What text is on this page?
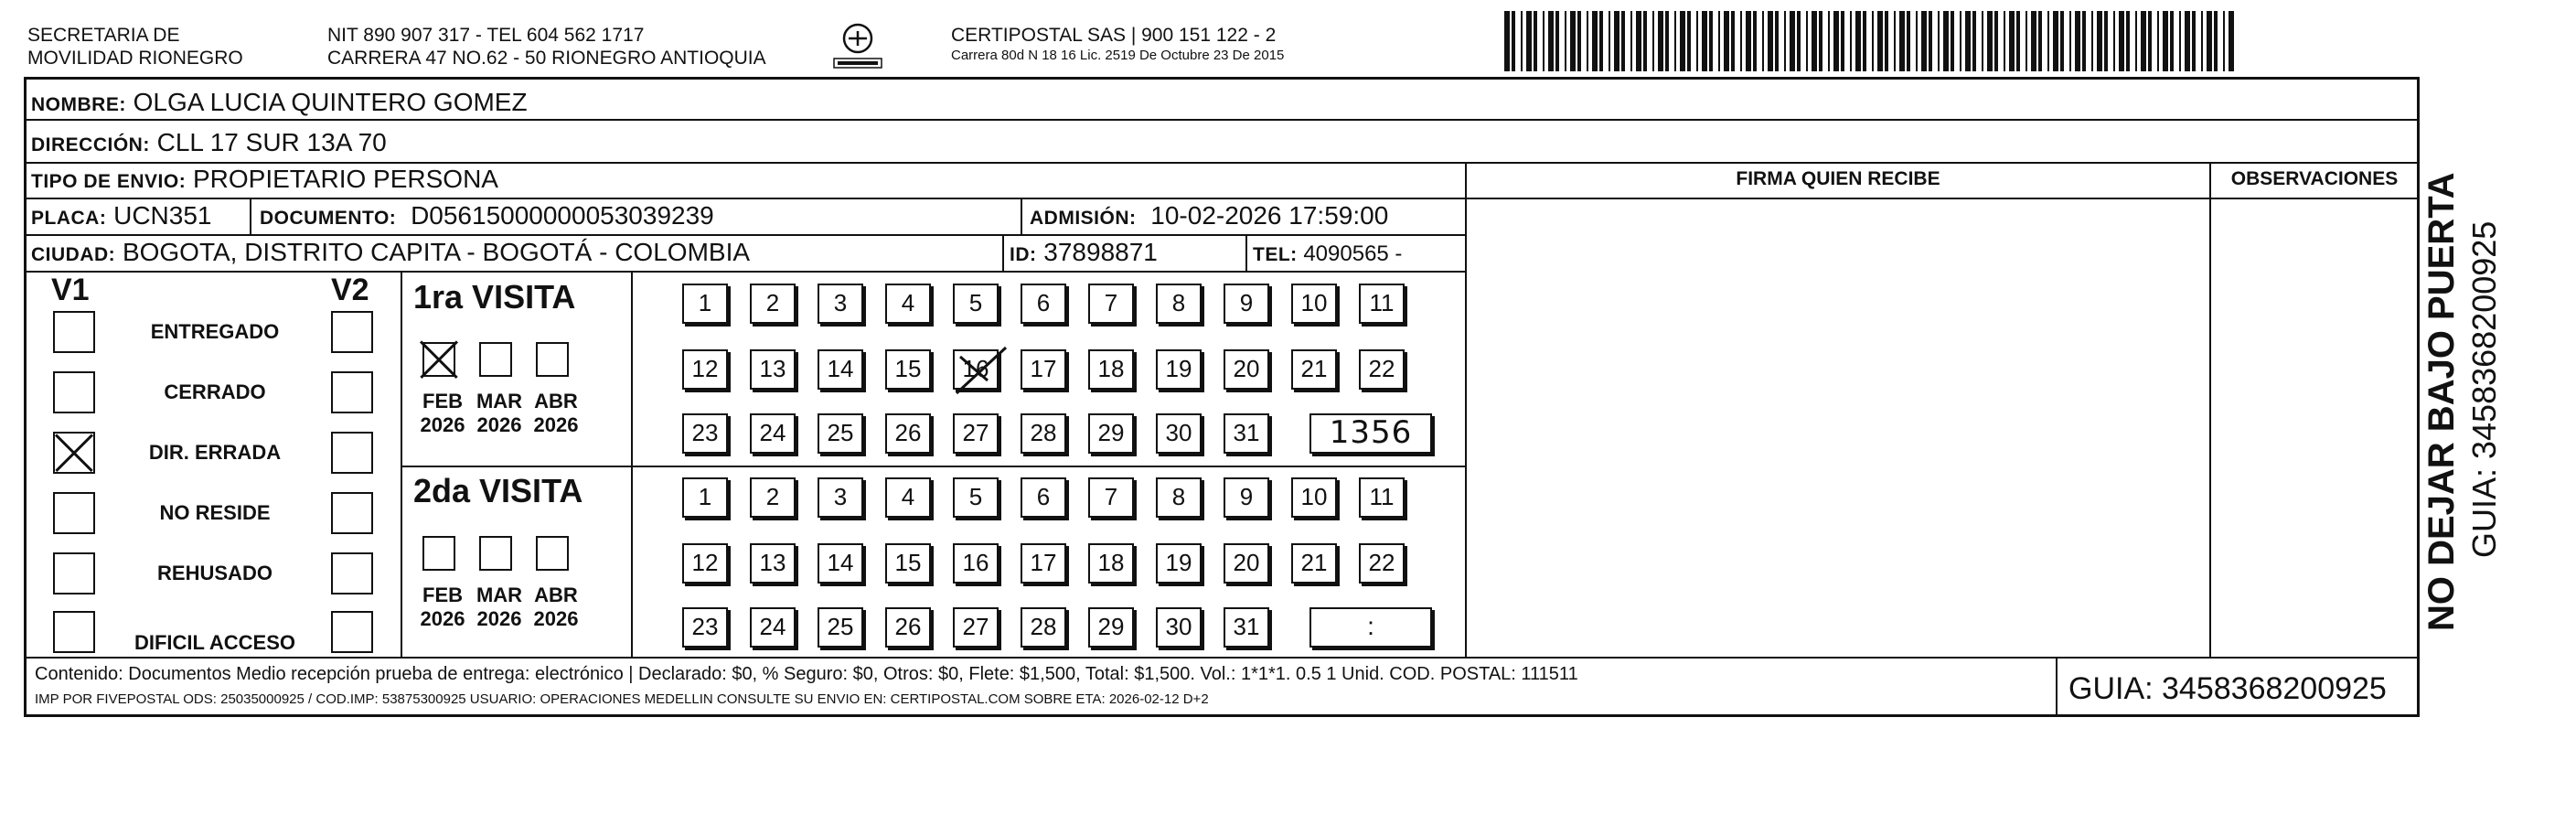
SECRETARIA DE
MOVILIDAD RIONEGRO
NIT 890 907 317 - TEL 604 562 1717
CARRERA 47 NO.62 - 50 RIONEGRO ANTIOQUIA
CERTIPOSTAL SAS | 900 151 122 - 2
Carrera 80d N 18 16 Lic. 2519 De Octubre 23 De 2015
NO DEJAR BAJO PUERTA GUIA: 3458368200925
NOMBRE: OLGA LUCIA QUINTERO GOMEZ
DIRECCIÓN: CLL 17 SUR 13A 70
TIPO DE ENVIO: PROPIETARIO PERSONA	FIRMA QUIEN RECIBE	OBSERVACIONES
PLACA: UCN351	DOCUMENTO: D05615000000053039239	ADMISIÓN: 10-02-2026 17:59:00
CIUDAD: BOGOTA, DISTRITO CAPITA - BOGOTÁ - COLOMBIA	ID: 37898871	TEL: 4090565 -
V1	V2
ENTREGADO
CERRADO
DIR. ERRADA
NO RESIDE
REHUSADO
DIFICIL ACCESO
1ra VISITA
FEB
2026
MAR
2026
ABR
2026
1	2	3	4	5	6	7	8	9	10	11
12	13	14	15	16	17	18	19	20	21	22
23	24	25	26	27	28	29	30	31	1356
2da VISITA
FEB
2026
MAR
2026
ABR
2026
1	2	3	4	5	6	7	8	9	10	11
12	13	14	15	16	17	18	19	20	21	22
23	24	25	26	27	28	29	30	31	:
Contenido: Documentos Medio recepción prueba de entrega: electrónico | Declarado: $0, % Seguro: $0, Otros: $0, Flete: $1,500, Total: $1,500. Vol.: 1*1*1. 0.5 1 Unid. COD. POSTAL: 111511
IMP POR FIVEPOSTAL ODS: 25035000925 / COD.IMP: 53875300925 USUARIO: OPERACIONES MEDELLIN CONSULTE SU ENVIO EN: CERTIPOSTAL.COM SOBRE ETA: 2026-02-12 D+2	GUIA: 3458368200925
